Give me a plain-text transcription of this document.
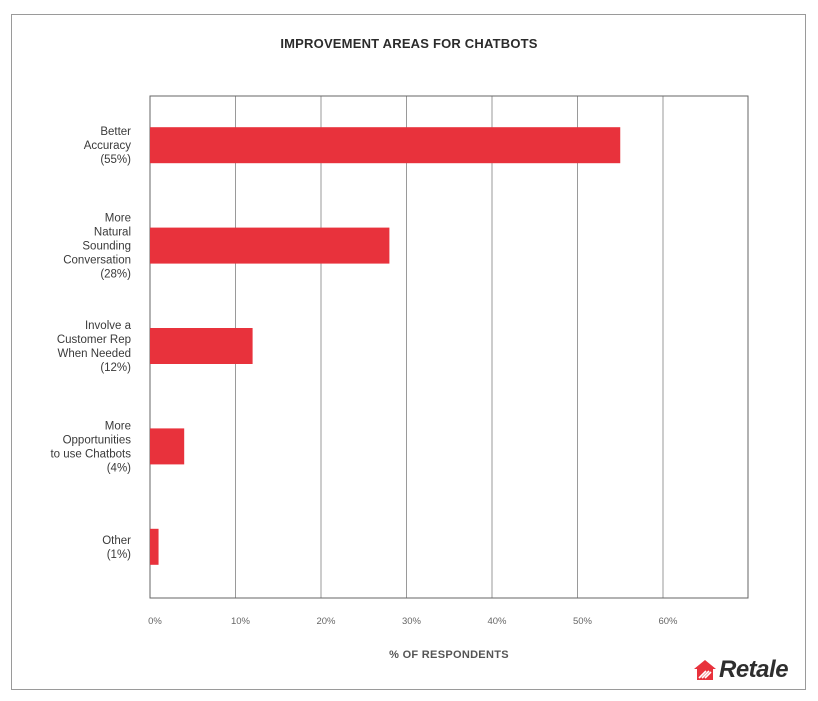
IMPROVEMENT AREAS FOR CHATBOTS
Better
Accuracy
(55%)
More
Natural
Sounding
Conversation
(28%)
Involve a
Customer Rep
When Needed
(12%)
More
Opportunities
to use Chatbots
(4%)
Other
(1%)
0%	10%	20%	30%	40%	50%	60%
% OF RESPONDENTS
Retale
